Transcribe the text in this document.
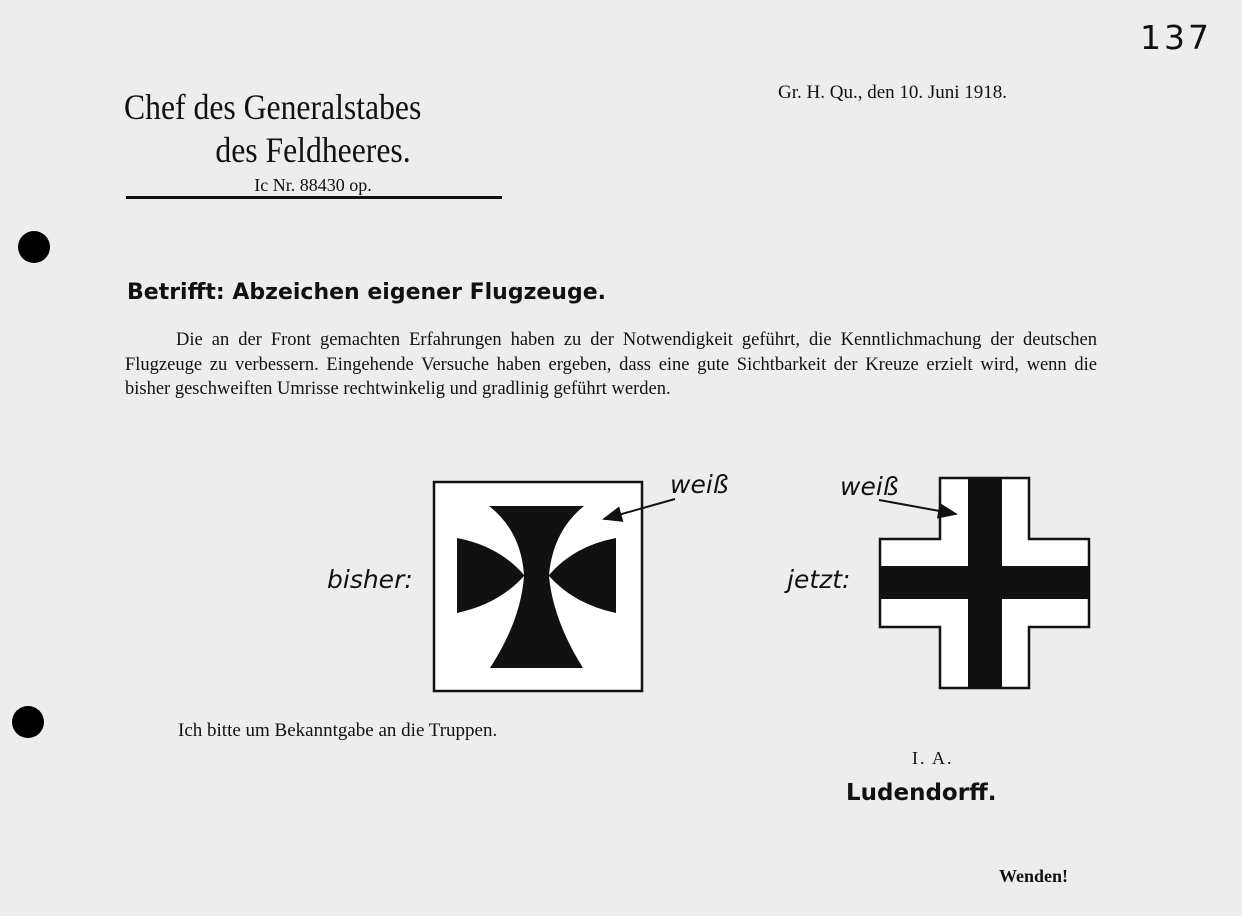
137
Chef des Generalstabes
des Feldheeres.
Ic Nr. 88430 op.
Gr. H. Qu., den 10. Juni 1918.
Betrifft: Abzeichen eigener Flugzeuge.
Die an der Front gemachten Erfahrungen haben zu der Notwendigkeit geführt, die Kenntlichmachung der deutschen Flugzeuge zu verbessern. Eingehende Versuche haben ergeben, dass eine gute Sichtbarkeit der Kreuze erzielt wird, wenn die bisher geschweiften Umrisse rechtwinkelig und gradlinig geführt werden.
weiß
bisher:
weiß
jetzt:
Ich bitte um Bekanntgabe an die Truppen.
I. A.
Ludendorff.
Wenden!
